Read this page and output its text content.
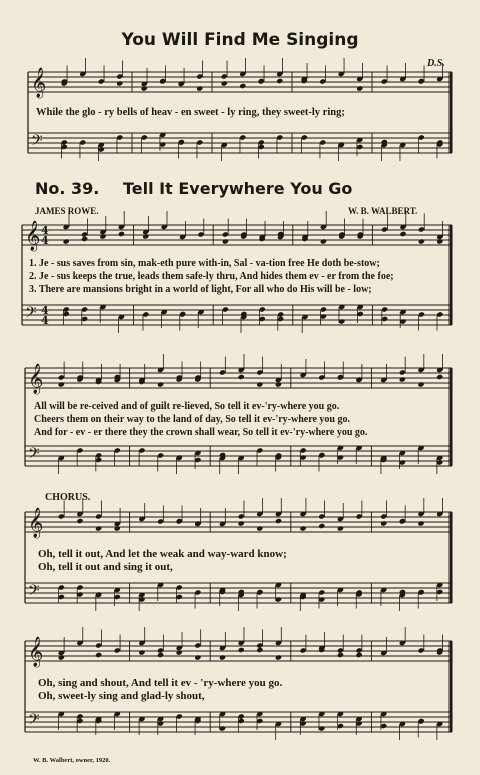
𝄞
𝄢
𝄞
𝄢
4
4
4
4
𝄞
𝄢
𝄞
𝄢
𝄞
𝄢
You Will Find Me Singing
D.S.
While the glo - ry bells of heav - en sweet - ly ring, they sweet-ly ring;
No. 39. Tell It Everywhere You Go
JAMES ROWE.	W. B. WALBERT.
1. Je - sus saves from sin, mak-eth pure with-in, Sal - va-tion free He doth be-stow;
2. Je - sus keeps the true, leads them safe-ly thru, And hides them ev - er from the foe;
3. There are mansions bright in a world of light, For all who do His will be - low;
All will be re-ceived and of guilt re-lieved, So tell it ev-'ry-where you go.
Cheers them on their way to the land of day, So tell it ev-'ry-where you go.
And for - ev - er there they the crown shall wear, So tell it ev-'ry-where you go.
CHORUS.
Oh, tell it out, And let the weak and way-ward know;
Oh, tell it out and sing it out,
Oh, sing and shout, And tell it ev - 'ry-where you go.
Oh, sweet-ly sing and glad-ly shout,
W. B. Walbert, owner, 1920.
